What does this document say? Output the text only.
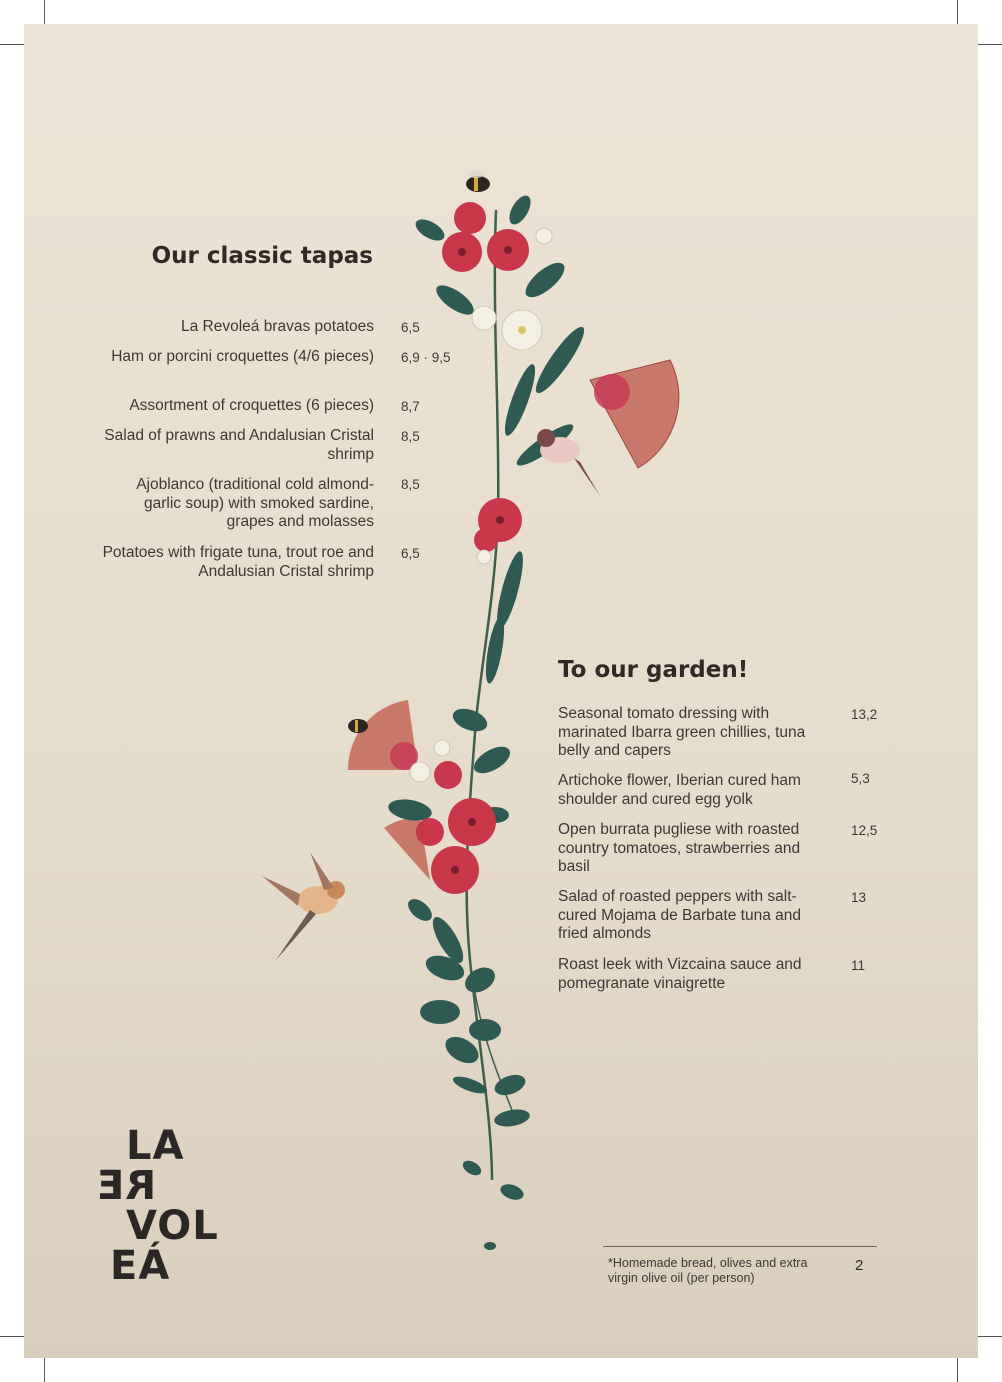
Our classic tapas

La Revoleá bravas potatoes 6,5

Ham or porcini croquettes (4/6 pieces) 6,9 · 9,5

Assortment of croquettes (6 pieces) 8,7

Salad of prawns and Andalusian Cristal shrimp

8,5

Ajoblanco (traditional cold almond-garlic soup) with smoked sardine, grapes and molasses

8,5

Potatoes with frigate tuna, trout roe and Andalusian Cristal shrimp

6,5

To our garden!

Seasonal tomato dressing with marinated Ibarra green chillies, tuna belly and capers

13,2

Artichoke flower, Iberian cured ham shoulder and cured egg yolk

5,3

Open burrata pugliese with roasted country tomatoes, strawberries and basil

12,5

Salad of roasted peppers with salt-cured Mojama de Barbate tuna and fried almonds

13

Roast leek with Vizcaina sauce and pomegranate vinaigrette

11

*Homemade bread, olives and extra virgin olive oil (per person)

2
LA
RE
VOL
EÁ
